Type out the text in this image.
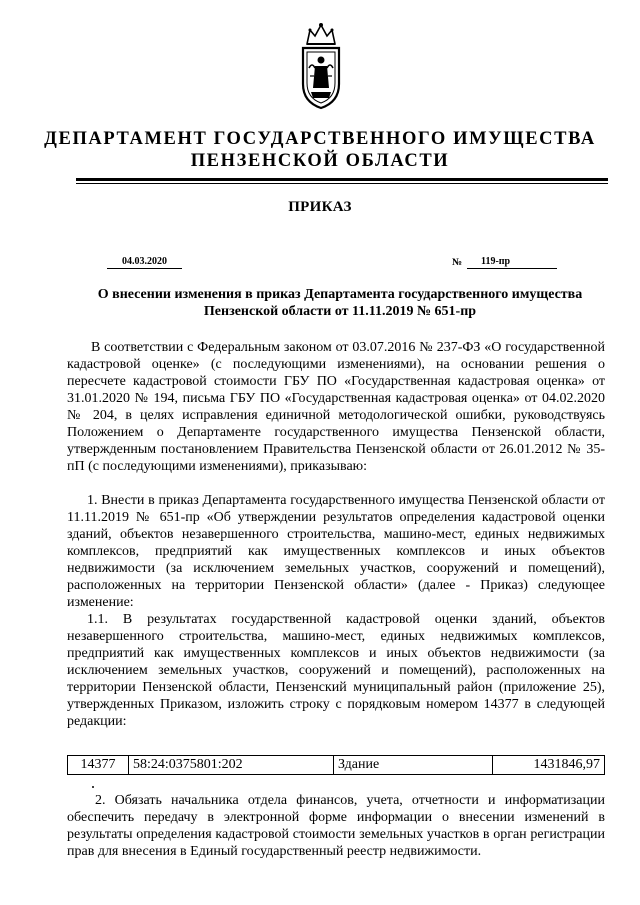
ДЕПАРТАМЕНТ ГОСУДАРСТВЕННОГО ИМУЩЕСТВА
ПЕНЗЕНСКОЙ ОБЛАСТИ
ПРИКАЗ
04.03.2020	№	119-пр
О внесении изменения в приказ Департамента государственного имущества Пензенской области от 11.11.2019 № 651-пр
В соответствии с Федеральным законом от 03.07.2016 № 237-ФЗ «О государственной кадастровой оценке» (с последующими изменениями), на основании решения о пересчете кадастровой стоимости ГБУ ПО «Государственная кадастровая оценка» от 31.01.2020 № 194, письма ГБУ ПО «Государственная кадастровая оценка» от 04.02.2020 № 204, в целях исправления единичной методологической ошибки, руководствуясь Положением о Департаменте государственного имущества Пензенской области, утвержденным постановлением Правительства Пензенской области от 26.01.2012 № 35-пП (с последующими изменениями), приказываю:
1. Внести в приказ Департамента государственного имущества Пензенской области от 11.11.2019 № 651-пр «Об утверждении результатов определения кадастровой оценки зданий, объектов незавершенного строительства, машино-мест, единых недвижимых комплексов, предприятий как имущественных комплексов и иных объектов недвижимости (за исключением земельных участков, сооружений и помещений), расположенных на территории Пензенской области» (далее - Приказ) следующее изменение:
1.1. В результатах государственной кадастровой оценки зданий, объектов незавершенного строительства, машино-мест, единых недвижимых комплексов, предприятий как имущественных комплексов и иных объектов недвижимости (за исключением земельных участков, сооружений и помещений), расположенных на территории Пензенской области, Пензенский муниципальный район (приложение 25), утвержденных Приказом, изложить строку с порядковым номером 14377 в следующей редакции:
14377	58:24:0375801:202	Здание	1431846,97
2. Обязать начальника отдела финансов, учета, отчетности и информатизации обеспечить передачу в электронной форме информации о внесении изменений в результаты определения кадастровой стоимости земельных участков в орган регистрации прав для внесения в Единый государственный реестр недвижимости.
